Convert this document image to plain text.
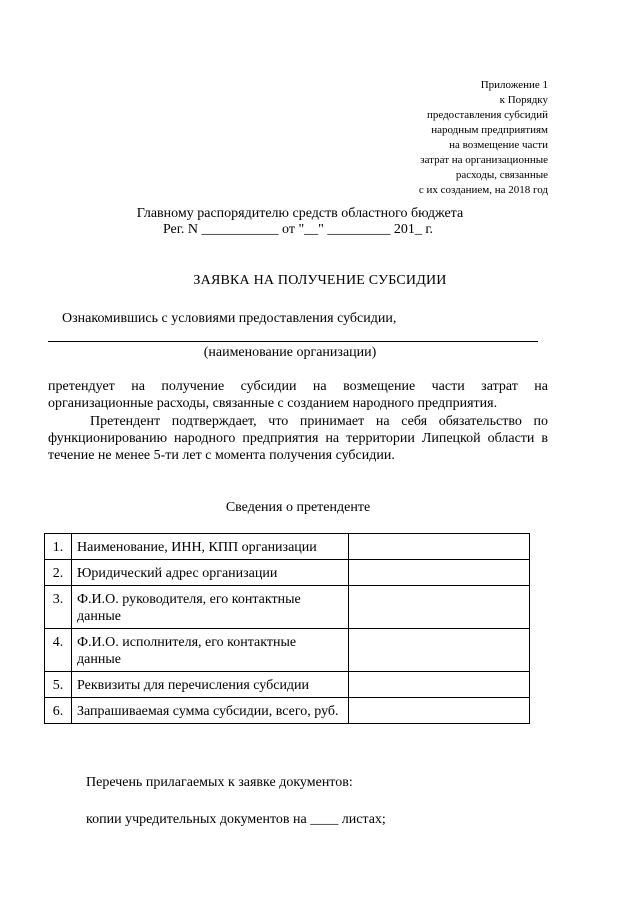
Приложение 1
к Порядку
предоставления субсидий
народным предприятиям
на возмещение части
затрат на организационные
расходы, связанные
с их созданием, на 2018 год
Главному распорядителю средств областного бюджета
Рег. N ___________ от "__" _________ 201_ г.
ЗАЯВКА НА ПОЛУЧЕНИЕ СУБСИДИИ
Ознакомившись с условиями предоставления субсидии,
(наименование организации)
претендует на получение субсидии на возмещение части затрат на организационные расходы, связанные с созданием народного предприятия.
Претендент подтверждает, что принимает на себя обязательство по функционированию народного предприятия на территории Липецкой области в течение не менее 5-ти лет с момента получения субсидии.
Сведения о претенденте
1.	Наименование, ИНН, КПП организации	
2.	Юридический адрес организации	
3.	Ф.И.О. руководителя, его контактные данные	
4.	Ф.И.О. исполнителя, его контактные данные	
5.	Реквизиты для перечисления субсидии	
6.	Запрашиваемая сумма субсидии, всего, руб.	
Перечень прилагаемых к заявке документов:
копии учредительных документов на ____ листах;
